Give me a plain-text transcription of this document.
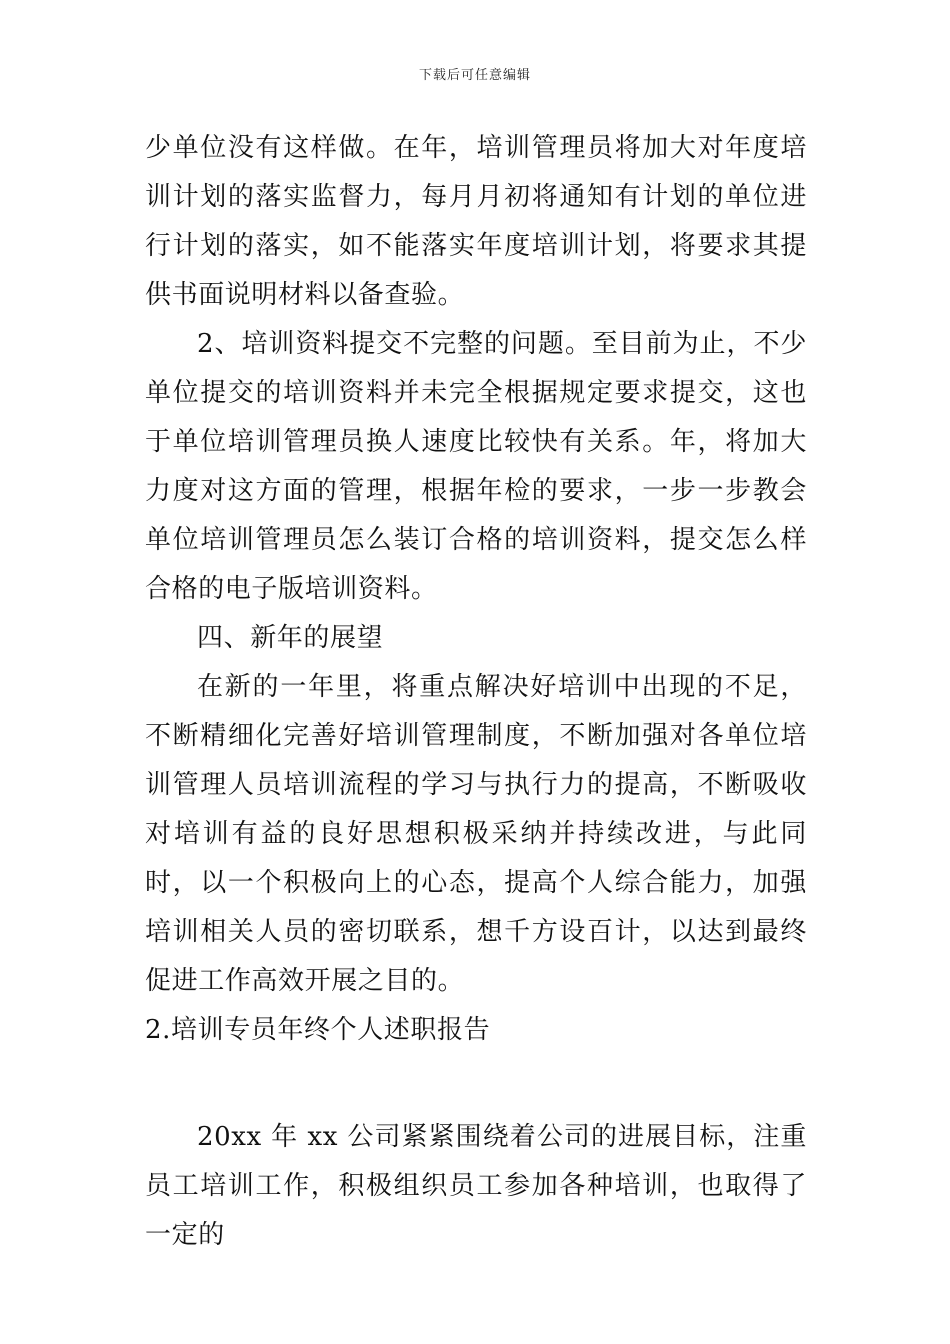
下载后可任意编辑

少单位没有这样做。在年，培训管理员将加大对年度培训计划的落实监督力，每月月初将通知有计划的单位进行计划的落实，如不能落实年度培训计划，将要求其提供书面说明材料以备查验。

2、培训资料提交不完整的问题。至目前为止，不少单位提交的培训资料并未完全根据规定要求提交，这也于单位培训管理员换人速度比较快有关系。年，将加大力度对这方面的管理，根据年检的要求，一步一步教会单位培训管理员怎么装订合格的培训资料，提交怎么样合格的电子版培训资料。

四、新年的展望

在新的一年里，将重点解决好培训中出现的不足，不断精细化完善好培训管理制度，不断加强对各单位培训管理人员培训流程的学习与执行力的提高，不断吸收对培训有益的良好思想积极采纳并持续改进，与此同时，以一个积极向上的心态，提高个人综合能力，加强培训相关人员的密切联系，想千方设百计，以达到最终促进工作高效开展之目的。

2.培训专员年终个人述职报告

20xx 年 xx 公司紧紧围绕着公司的进展目标，注重员工培训工作，积极组织员工参加各种培训，也取得了一定的
